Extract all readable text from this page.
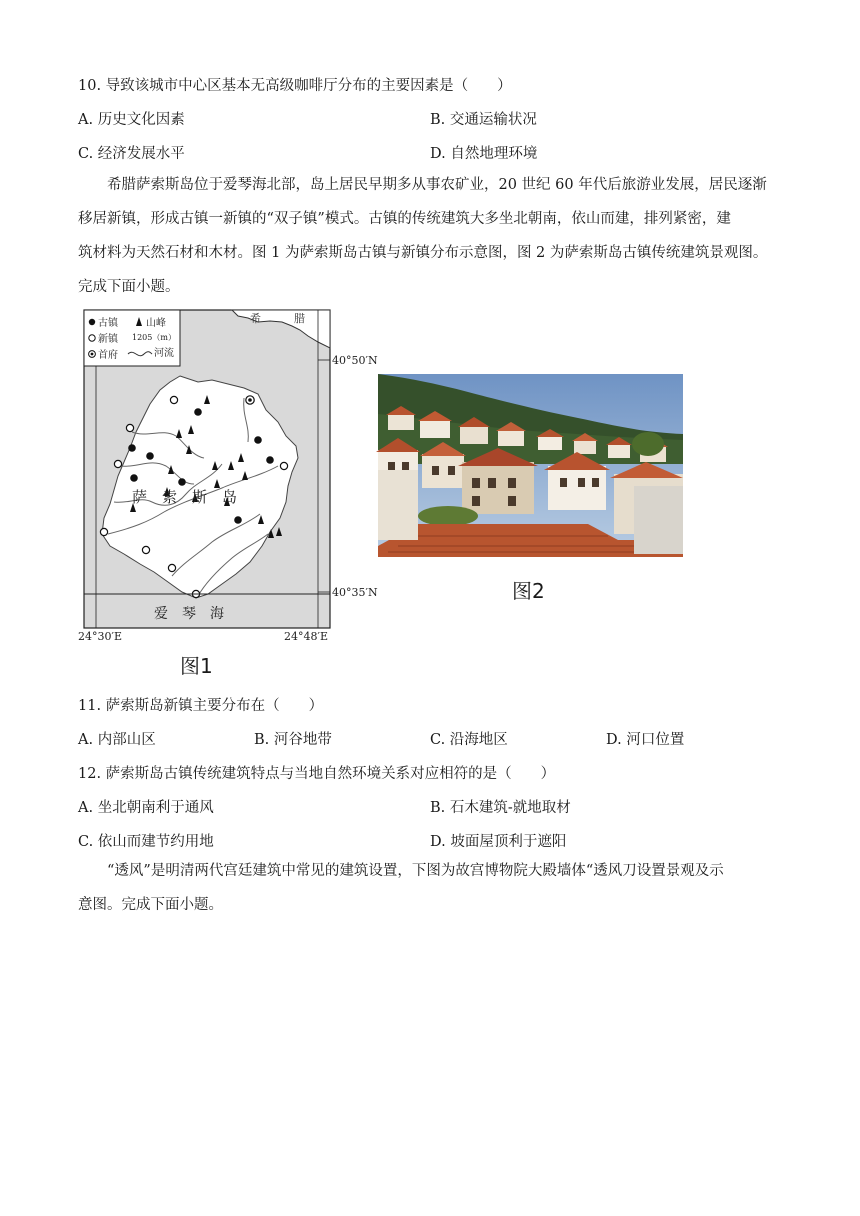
10. 导致该城市中心区基本无高级咖啡厅分布的主要因素是（　　）
A. 历史文化因素	B. 交通运输状况
C. 经济发展水平	D. 自然地理环境
希腊萨索斯岛位于爱琴海北部，岛上居民早期多从事农矿业，20 世纪 60 年代后旅游业发展，居民逐渐
移居新镇，形成古镇一新镇的“双子镇”模式。古镇的传统建筑大多坐北朝南，依山而建，排列紧密，建
筑材料为天然石材和木材。图 1 为萨索斯岛古镇与新镇分布示意图，图 2 为萨索斯岛古镇传统建筑景观图。
完成下面小题。
希　　　腊
萨　索　斯　岛
爱　琴　海
40°50′N
40°35′N
24°30′E	24°48′E
古镇
新镇
首府
山峰
1205（m）
河流
图1
图2
11. 萨索斯岛新镇主要分布在（　　）
A. 内部山区	B. 河谷地带	C. 沿海地区	D. 河口位置
12. 萨索斯岛古镇传统建筑特点与当地自然环境关系对应相符的是（　　）
A. 坐北朝南利于通风	B. 石木建筑-就地取材
C. 依山而建节约用地	D. 坡面屋顶利于遮阳
“透风”是明清两代宫廷建筑中常见的建筑设置，下图为故宫博物院大殿墙体“透风刀设置景观及示
意图。完成下面小题。
